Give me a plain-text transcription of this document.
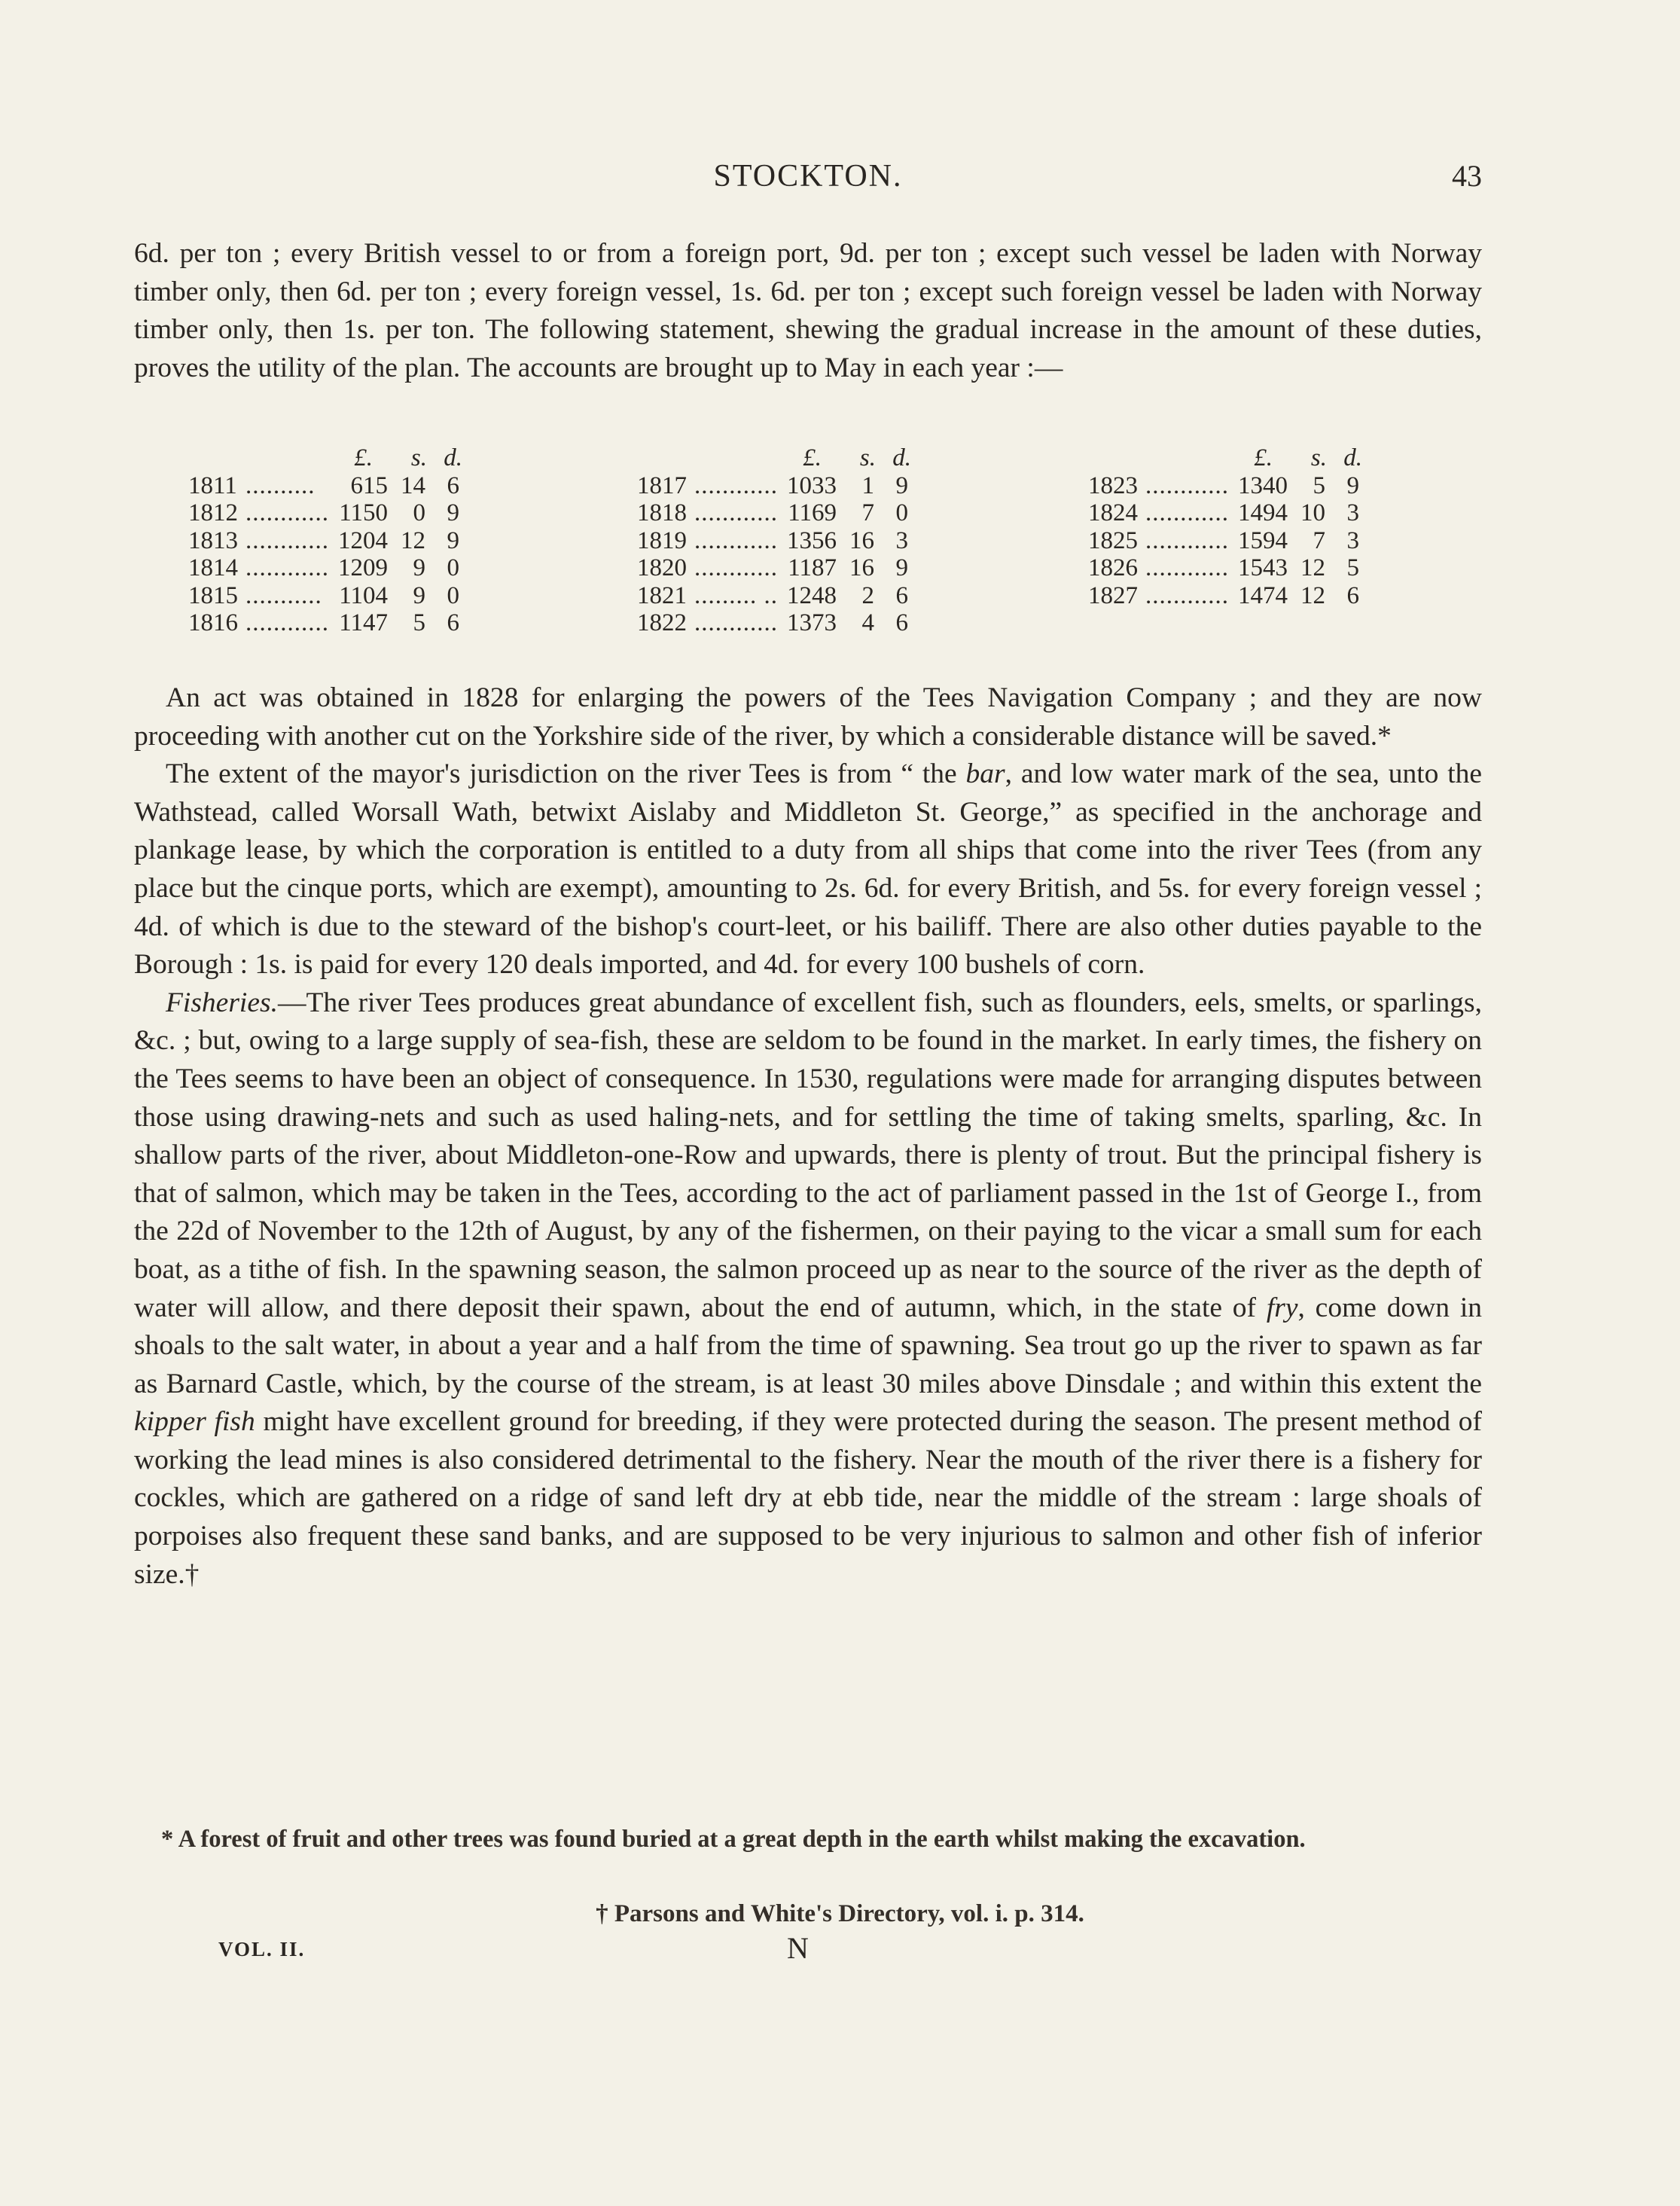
STOCKTON.	43

6d. per ton ; every British vessel to or from a foreign port, 9d. per ton ; except such vessel be laden with Norway timber only, then 6d. per ton ; every foreign vessel, 1s. 6d. per ton ; except such foreign vessel be laden with Norway timber only, then 1s. per ton. The following statement, shewing the gradual increase in the amount of these duties, proves the utility of the plan. The accounts are brought up to May in each year :—

£. s. d.
1811 .......... 615 14 6
1812 ............ 1150 0 9
1813 ............ 1204 12 9
1814 ............ 1209 9 0
1815 ........... 1104 9 0
1816 ............ 1147 5 6
£. s. d.
1817 ............ 1033 1 9
1818 ............ 1169 7 0
1819 ............ 1356 16 3
1820 ............ 1187 16 9
1821 ......... .. 1248 2 6
1822 ............ 1373 4 6
£. s. d.
1823 ............ 1340 5 9
1824 ............ 1494 10 3
1825 ............ 1594 7 3
1826 ............ 1543 12 5
1827 ............ 1474 12 6

An act was obtained in 1828 for enlarging the powers of the Tees Navigation Company ; and they are now proceeding with another cut on the Yorkshire side of the river, by which a considerable distance will be saved.*

The extent of the mayor's jurisdiction on the river Tees is from “ the bar, and low water mark of the sea, unto the Wathstead, called Worsall Wath, betwixt Aislaby and Middleton St. George,” as specified in the anchorage and plankage lease, by which the corporation is entitled to a duty from all ships that come into the river Tees (from any place but the cinque ports, which are exempt), amounting to 2s. 6d. for every British, and 5s. for every foreign vessel ; 4d. of which is due to the steward of the bishop's court-leet, or his bailiff. There are also other duties payable to the Borough : 1s. is paid for every 120 deals imported, and 4d. for every 100 bushels of corn.

Fisheries.—The river Tees produces great abundance of excellent fish, such as flounders, eels, smelts, or sparlings, &c. ; but, owing to a large supply of sea-fish, these are seldom to be found in the market. In early times, the fishery on the Tees seems to have been an object of consequence. In 1530, regulations were made for arranging disputes between those using drawing-nets and such as used haling-nets, and for settling the time of taking smelts, sparling, &c. In shallow parts of the river, about Middleton-one-Row and upwards, there is plenty of trout. But the principal fishery is that of salmon, which may be taken in the Tees, according to the act of parliament passed in the 1st of George I., from the 22d of November to the 12th of August, by any of the fishermen, on their paying to the vicar a small sum for each boat, as a tithe of fish. In the spawning season, the salmon proceed up as near to the source of the river as the depth of water will allow, and there deposit their spawn, about the end of autumn, which, in the state of fry, come down in shoals to the salt water, in about a year and a half from the time of spawning. Sea trout go up the river to spawn as far as Barnard Castle, which, by the course of the stream, is at least 30 miles above Dinsdale ; and within this extent the kipper fish might have excellent ground for breeding, if they were protected during the season. The present method of working the lead mines is also considered detrimental to the fishery. Near the mouth of the river there is a fishery for cockles, which are gathered on a ridge of sand left dry at ebb tide, near the middle of the stream : large shoals of porpoises also frequent these sand banks, and are supposed to be very injurious to salmon and other fish of inferior size.†

* A forest of fruit and other trees was found buried at a great depth in the earth whilst making the excavation.
† Parsons and White's Directory, vol. i. p. 314.
VOL. II.	N
